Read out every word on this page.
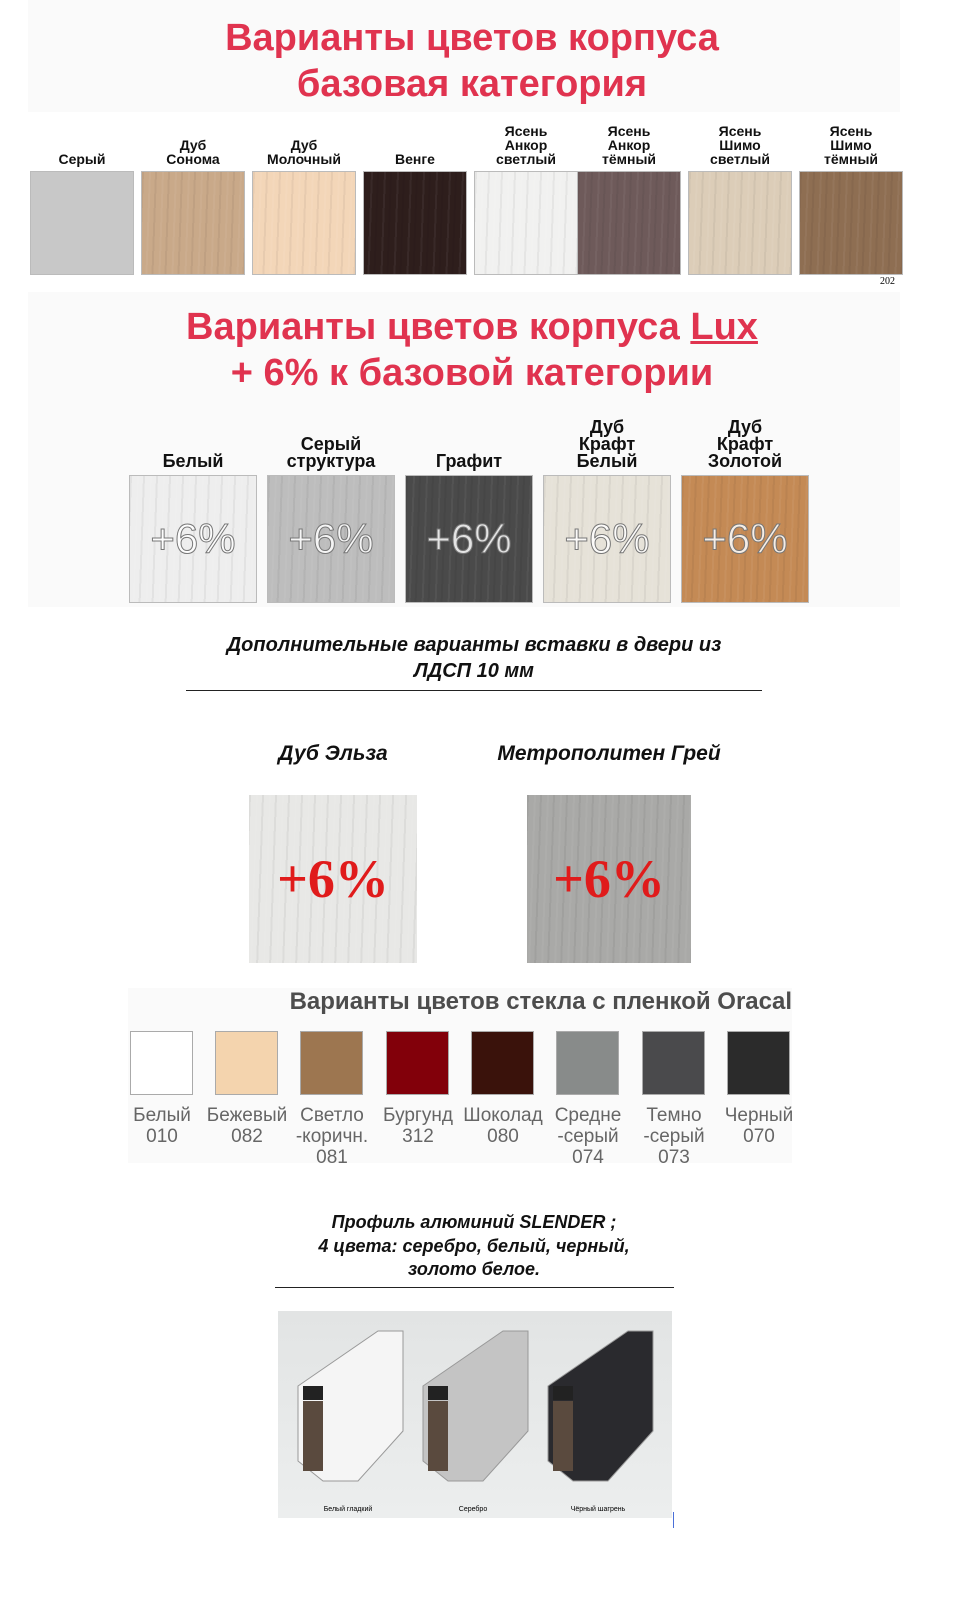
Варианты цветов корпуса
базовая категория
202
Варианты цветов корпуса Lux
+ 6% к базовой категории
Дополнительные варианты вставки в двери из
ЛДСП 10 мм
Варианты цветов стекла с пленкой Oracal
Профиль алюминий SLENDER ;
4 цвета: серебро, белый, черный,
золото белое.
Белый гладкий	Серебро	Чёрный шагрень
Серый
Дуб
Сонома
Дуб
Молочный	Венге
Ясень
Анкор
светлый
Ясень
Анкор
тёмный
Ясень
Шимо
светлый
Ясень
Шимо
тёмный
Белый
+6%
Серый
структура
+6%
Графит
+6%
Дуб
Крафт
Белый
+6%
Дуб
Крафт
Золотой
+6%
Дуб Эльза
+6%
Метрополитен Грей
+6%
Белый
010
Бежевый
082
Светло
-коричн.
081
Бургунд
312
Шоколад
080
Средне
-серый
074
Темно
-серый
073
Черный
070
